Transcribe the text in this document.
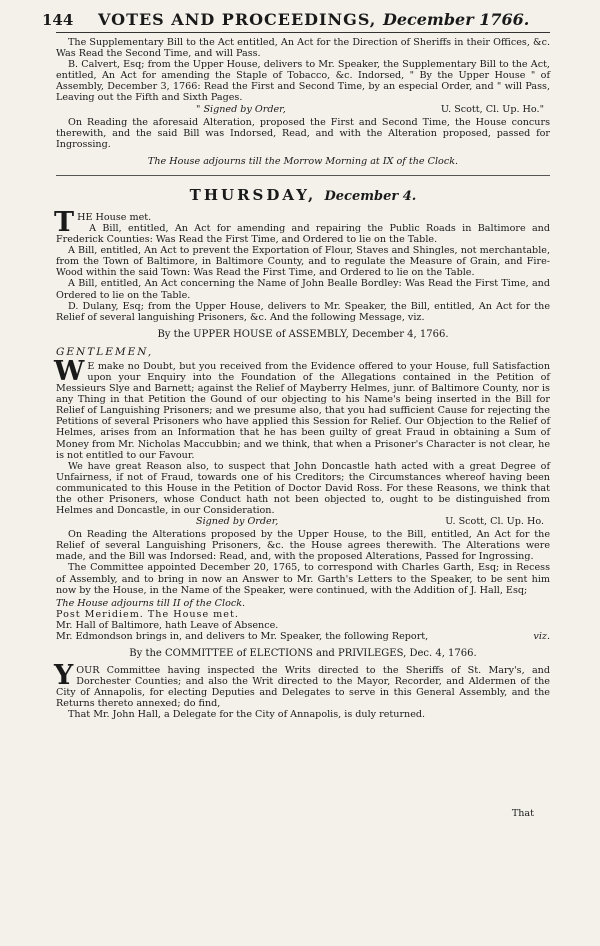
144	VOTES AND PROCEEDINGS, December 1766.

The Supplementary Bill to the Act entitled, An Act for the Direction of Sheriffs in their Offices, &c. Was Read the Second Time, and will Pass.

B. Calvert, Esq; from the Upper House, delivers to Mr. Speaker, the Supplementary Bill to the Act, entitled, An Act for amending the Staple of Tobacco, &c. Indorsed, " By the Upper House " of Assembly, December 3, 1766: Read the First and Second Time, by an especial Order, and " will Pass, Leaving out the Fifth and Sixth Pages.

" Signed by Order,	U. Scott, Cl. Up. Ho."

On Reading the aforesaid Alteration, proposed the First and Second Time, the House concurs therewith, and the said Bill was Indorsed, Read, and with the Alteration proposed, passed for Ingrossing.

The House adjourns till the Morrow Morning at IX of the Clock.
THURSDAY, December 4.

THE House met.

A Bill, entitled, An Act for amending and repairing the Public Roads in Baltimore and Frederick Counties: Was Read the First Time, and Ordered to lie on the Table.

A Bill, entitled, An Act to prevent the Exportation of Flour, Staves and Shingles, not merchantable, from the Town of Baltimore, in Baltimore County, and to regulate the Measure of Grain, and Fire-Wood within the said Town: Was Read the First Time, and Ordered to lie on the Table.

A Bill, entitled, An Act concerning the Name of John Bealle Bordley: Was Read the First Time, and Ordered to lie on the Table.

D. Dulany, Esq; from the Upper House, delivers to Mr. Speaker, the Bill, entitled, An Act for the Relief of several languishing Prisoners, &c. And the following Message, viz.

By the UPPER HOUSE of ASSEMBLY, December 4, 1766.

GENTLEMEN,

W E make no Doubt, but you received from the Evidence offered to your House, full Satisfaction upon your Enquiry into the Foundation of the Allegations contained in the Petition of Messieurs Slye and Barnett; against the Relief of Mayberry Helmes, junr. of Baltimore County, nor is any Thing in that Petition the Gound of our objecting to his Name's being inserted in the Bill for Relief of Languishing Prisoners; and we presume also, that you had sufficient Cause for rejecting the Petitions of several Prisoners who have applied this Session for Relief. Our Objection to the Relief of Helmes, arises from an Information that he has been guilty of great Fraud in obtaining a Sum of Money from Mr. Nicholas Maccubbin; and we think, that when a Prisoner's Character is not clear, he is not entitled to our Favour.

We have great Reason also, to suspect that John Doncastle hath acted with a great Degree of Unfairness, if not of Fraud, towards one of his Creditors; the Circumstances whereof having been communicated to this House in the Petition of Doctor David Ross. For these Reasons, we think that the other Prisoners, whose Conduct hath not been objected to, ought to be distinguished from Helmes and Doncastle, in our Consideration.

Signed by Order,	U. Scott, Cl. Up. Ho.

On Reading the Alterations proposed by the Upper House, to the Bill, entitled, An Act for the Relief of several Languishing Prisoners, &c. the House agrees therewith. The Alterations were made, and the Bill was Indorsed: Read, and, with the proposed Alterations, Passed for Ingrossing.

The Committee appointed December 20, 1765, to correspond with Charles Garth, Esq; in Recess of Assembly, and to bring in now an Answer to Mr. Garth's Letters to the Speaker, to be sent him now by the House, in the Name of the Speaker, were continued, with the Addition of J. Hall, Esq;

The House adjourns till II of the Clock.

Post Meridiem. The House met.

Mr. Hall of Baltimore, hath Leave of Absence.

Mr. Edmondson brings in, and delivers to Mr. Speaker, the following Report,	viz.

By the COMMITTEE of ELECTIONS and PRIVILEGES, Dec. 4, 1766.

YOUR Committee having inspected the Writs directed to the Sheriffs of St. Mary's, and Dorchester Counties; and also the Writ directed to the Mayor, Recorder, and Aldermen of the City of Annapolis, for electing Deputies and Delegates to serve in this General Assembly, and the Returns thereto annexed; do find,

That Mr. John Hall, a Delegate for the City of Annapolis, is duly returned.

That
